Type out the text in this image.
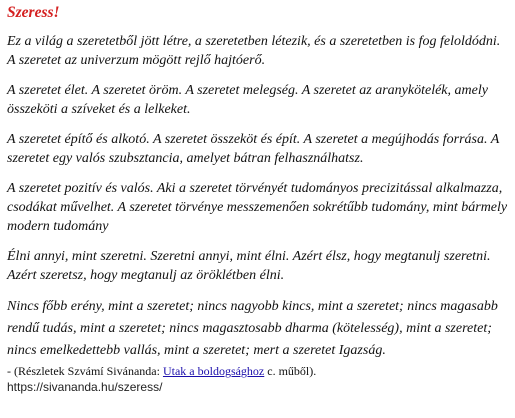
Szeress!

Ez a világ a szeretetből jött létre, a szeretetben létezik, és a szeretetben is fog feloldódni. A szeretet az univerzum mögött rejlő hajtóerő.

A szeretet élet. A szeretet öröm. A szeretet melegség. A szeretet az aranykötelék, amely összeköti a szíveket és a lelkeket.

A szeretet építő és alkotó. A szeretet összeköt és épít. A szeretet a megújhodás forrása. A szeretet egy valós szubsztancia, amelyet bátran felhasználhatsz.

A szeretet pozitív és valós. Aki a szeretet törvényét tudományos precizitással alkalmazza, csodákat művelhet. A szeretet törvénye messzemenően sokrétűbb tudomány, mint bármely modern tudomány

Élni annyi, mint szeretni. Szeretni annyi, mint élni. Azért élsz, hogy megtanulj szeretni. Azért szeretsz, hogy megtanulj az öröklétben élni.

Nincs főbb erény, mint a szeretet; nincs nagyobb kincs, mint a szeretet; nincs magasabb rendű tudás, mint a szeretet; nincs magasztosabb dharma (kötelesség), mint a szeretet; nincs emelkedettebb vallás, mint a szeretet; mert a szeretet Igazság.

- (Részletek Szvámí Sivánanda: Utak a boldogsághoz c. műből).

https://sivananda.hu/szeress/
